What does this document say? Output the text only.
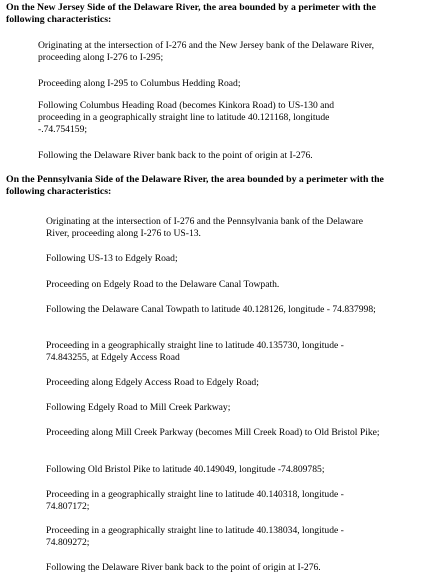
On the New Jersey Side of the Delaware River, the area bounded by a perimeter with the following characteristics:
Originating at the intersection of I-276 and the New Jersey bank of the Delaware River, proceeding along I-276 to I-295;
Proceeding along I-295 to Columbus Hedding Road;
Following Columbus Heading Road (becomes Kinkora Road) to US-130 and proceeding in a geographically straight line to latitude 40.121168, longitude -.74.754159;
Following the Delaware River bank back to the point of origin at I-276.
On the Pennsylvania Side of the Delaware River, the area bounded by a perimeter with the following characteristics:
Originating at the intersection of I-276 and the Pennsylvania bank of the Delaware River, proceeding along I-276 to US-13.
Following US-13 to Edgely Road;
Proceeding on Edgely Road to the Delaware Canal Towpath.
Following the Delaware Canal Towpath to latitude 40.128126, longitude - 74.837998;
Proceeding in a geographically straight line to latitude 40.135730, longitude - 74.843255, at Edgely Access Road
Proceeding along Edgely Access Road to Edgely Road;
Following Edgely Road to Mill Creek Parkway;
Proceeding along Mill Creek Parkway (becomes Mill Creek Road) to Old Bristol Pike;
Following Old Bristol Pike to latitude 40.149049, longitude -74.809785;
Proceeding in a geographically straight line to latitude 40.140318, longitude - 74.807172;
Proceeding in a geographically straight line to latitude 40.138034, longitude - 74.809272;
Following the Delaware River bank back to the point of origin at I-276.
